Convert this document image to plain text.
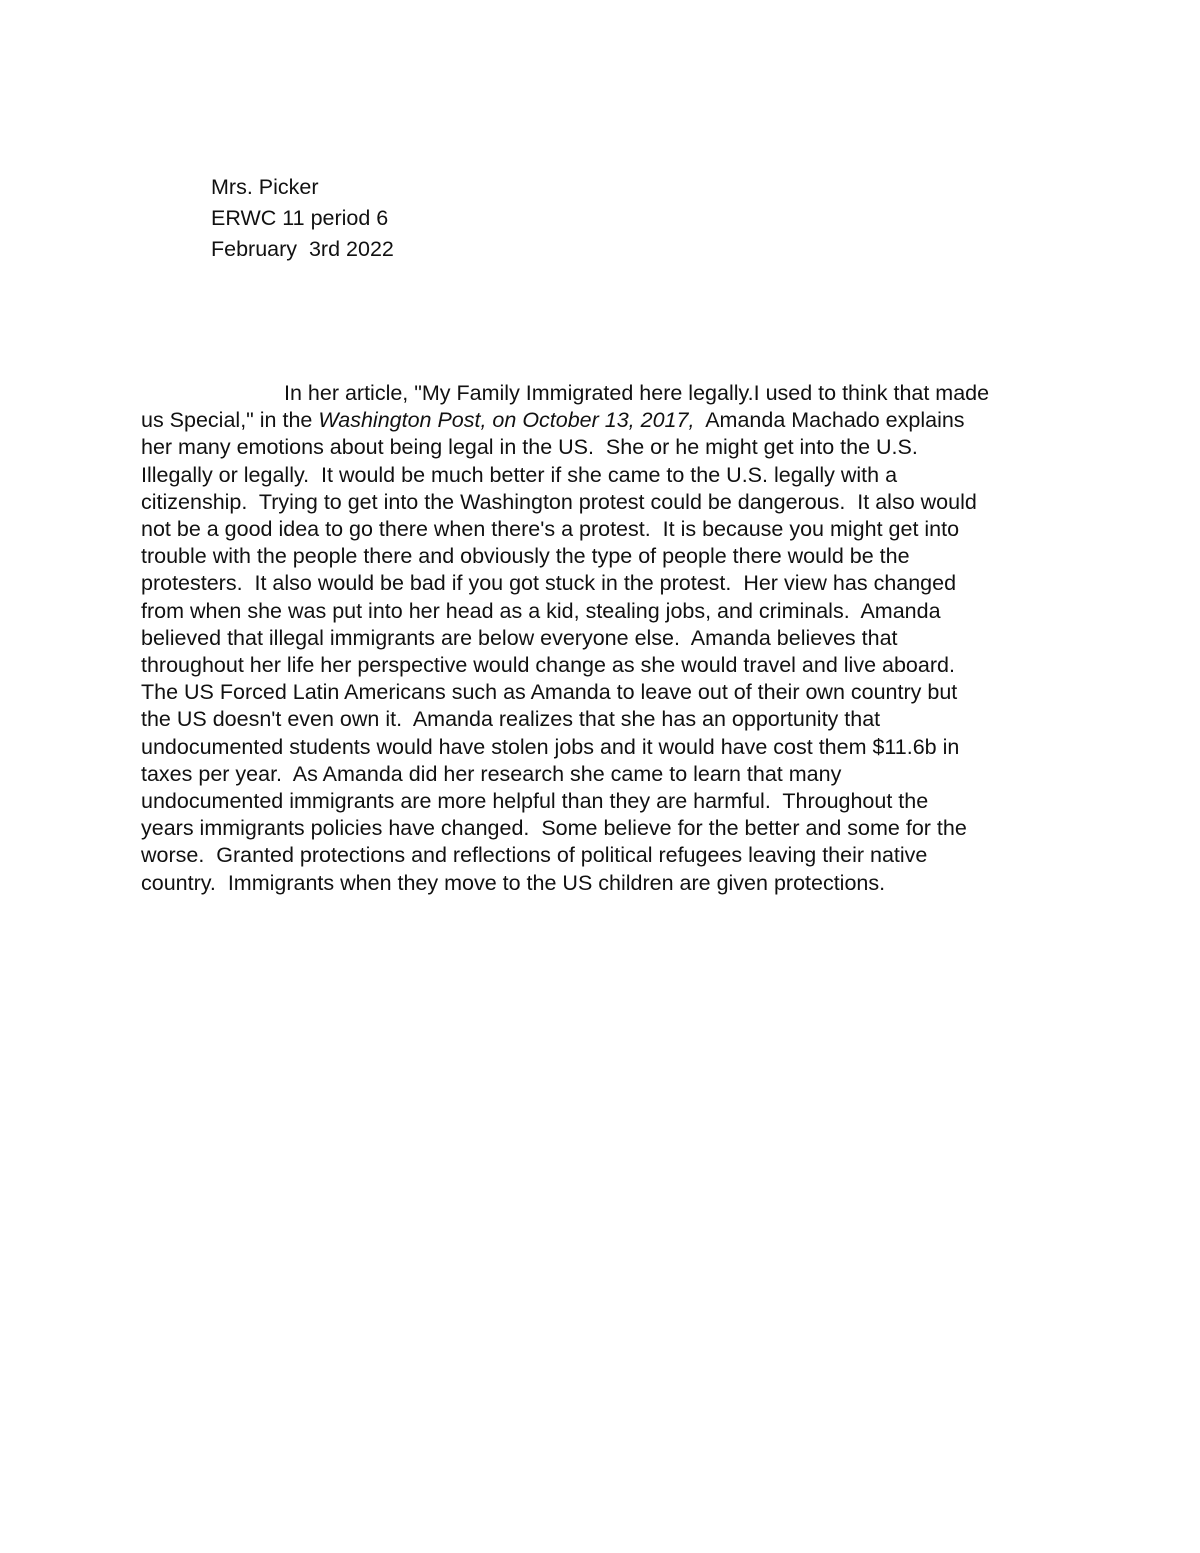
Mrs. Picker
ERWC 11 period 6
February  3rd 2022
In her article, "My Family Immigrated here legally.I used to think that made
us Special," in the Washington Post, on October 13, 2017,  Amanda Machado explains
her many emotions about being legal in the US.  She or he might get into the U.S.
Illegally or legally.  It would be much better if she came to the U.S. legally with a
citizenship.  Trying to get into the Washington protest could be dangerous.  It also would
not be a good idea to go there when there's a protest.  It is because you might get into
trouble with the people there and obviously the type of people there would be the
protesters.  It also would be bad if you got stuck in the protest.  Her view has changed
from when she was put into her head as a kid, stealing jobs, and criminals.  Amanda
believed that illegal immigrants are below everyone else.  Amanda believes that
throughout her life her perspective would change as she would travel and live aboard.
The US Forced Latin Americans such as Amanda to leave out of their own country but
the US doesn't even own it.  Amanda realizes that she has an opportunity that
undocumented students would have stolen jobs and it would have cost them $11.6b in
taxes per year.  As Amanda did her research she came to learn that many
undocumented immigrants are more helpful than they are harmful.  Throughout the
years immigrants policies have changed.  Some believe for the better and some for the
worse.  Granted protections and reflections of political refugees leaving their native
country.  Immigrants when they move to the US children are given protections.
